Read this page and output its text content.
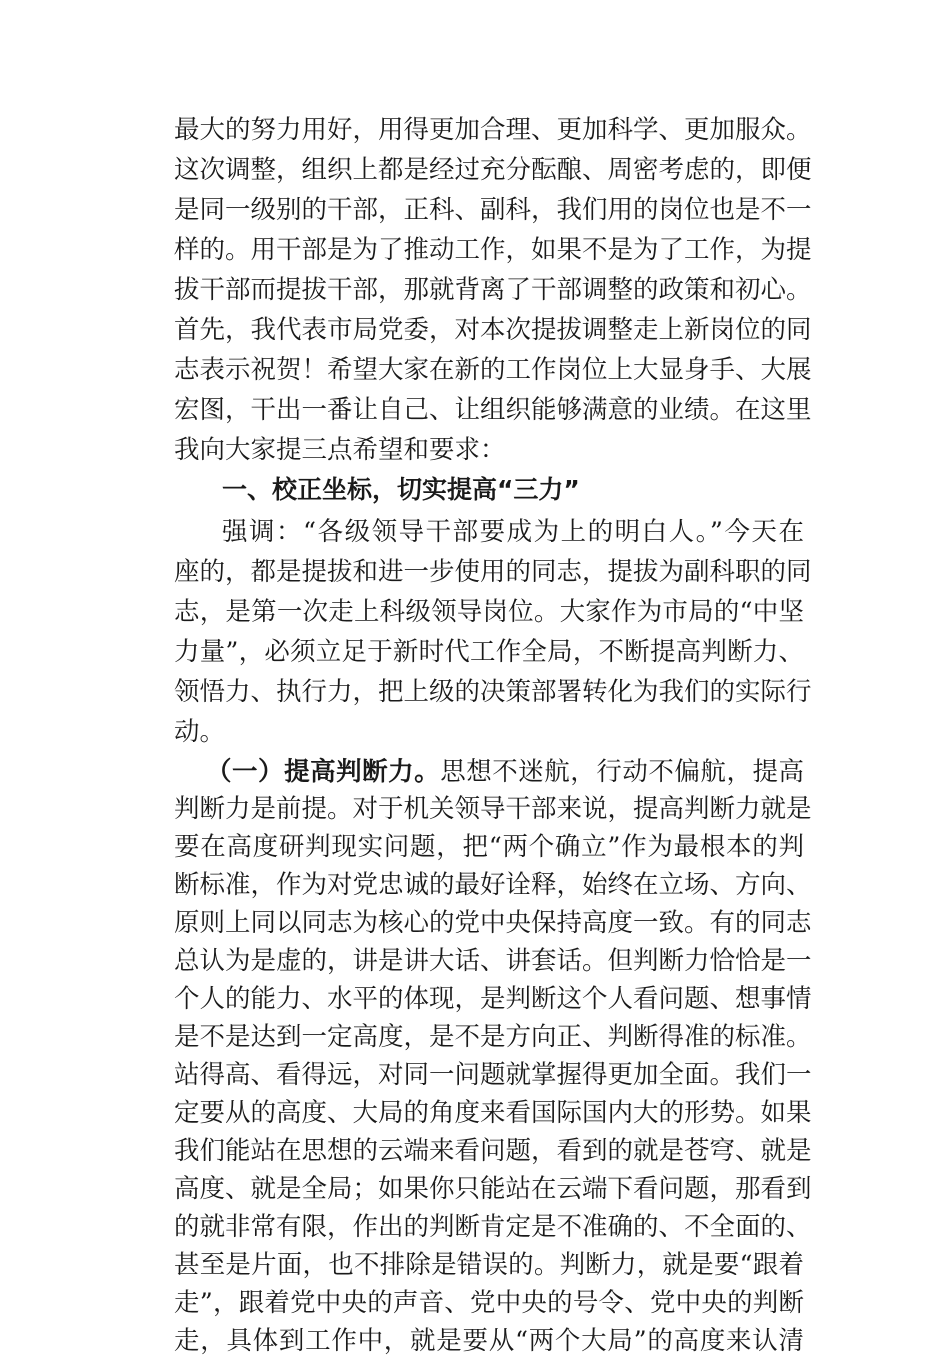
最大的努力用好，用得更加合理、更加科学、更加服众。
这次调整，组织上都是经过充分酝酿、周密考虑的，即便
是同一级别的干部，正科、副科，我们用的岗位也是不一
样的。用干部是为了推动工作，如果不是为了工作，为提
拔干部而提拔干部，那就背离了干部调整的政策和初心。
首先，我代表市局党委，对本次提拔调整走上新岗位的同
志表示祝贺！希望大家在新的工作岗位上大显身手、大展
宏图，干出一番让自己、让组织能够满意的业绩。在这里
我向大家提三点希望和要求：
一、校正坐标，切实提高“三力”
强调：“各级领导干部要成为上的明白人。”今天在
座的，都是提拔和进一步使用的同志，提拔为副科职的同
志，是第一次走上科级领导岗位。大家作为市局的“中坚
力量”，必须立足于新时代工作全局，不断提高判断力、
领悟力、执行力，把上级的决策部署转化为我们的实际行
动。
（一）提高判断力。思想不迷航，行动不偏航，提高
判断力是前提。对于机关领导干部来说，提高判断力就是
要在高度研判现实问题，把“两个确立”作为最根本的判
断标准，作为对党忠诚的最好诠释，始终在立场、方向、
原则上同以同志为核心的党中央保持高度一致。有的同志
总认为是虚的，讲是讲大话、讲套话。但判断力恰恰是一
个人的能力、水平的体现，是判断这个人看问题、想事情
是不是达到一定高度，是不是方向正、判断得准的标准。
站得高、看得远，对同一问题就掌握得更加全面。我们一
定要从的高度、大局的角度来看国际国内大的形势。如果
我们能站在思想的云端来看问题，看到的就是苍穹、就是
高度、就是全局；如果你只能站在云端下看问题，那看到
的就非常有限，作出的判断肯定是不准确的、不全面的、
甚至是片面，也不排除是错误的。判断力，就是要“跟着
走”，跟着党中央的声音、党中央的号令、党中央的判断
走，具体到工作中，就是要从“两个大局”的高度来认清
